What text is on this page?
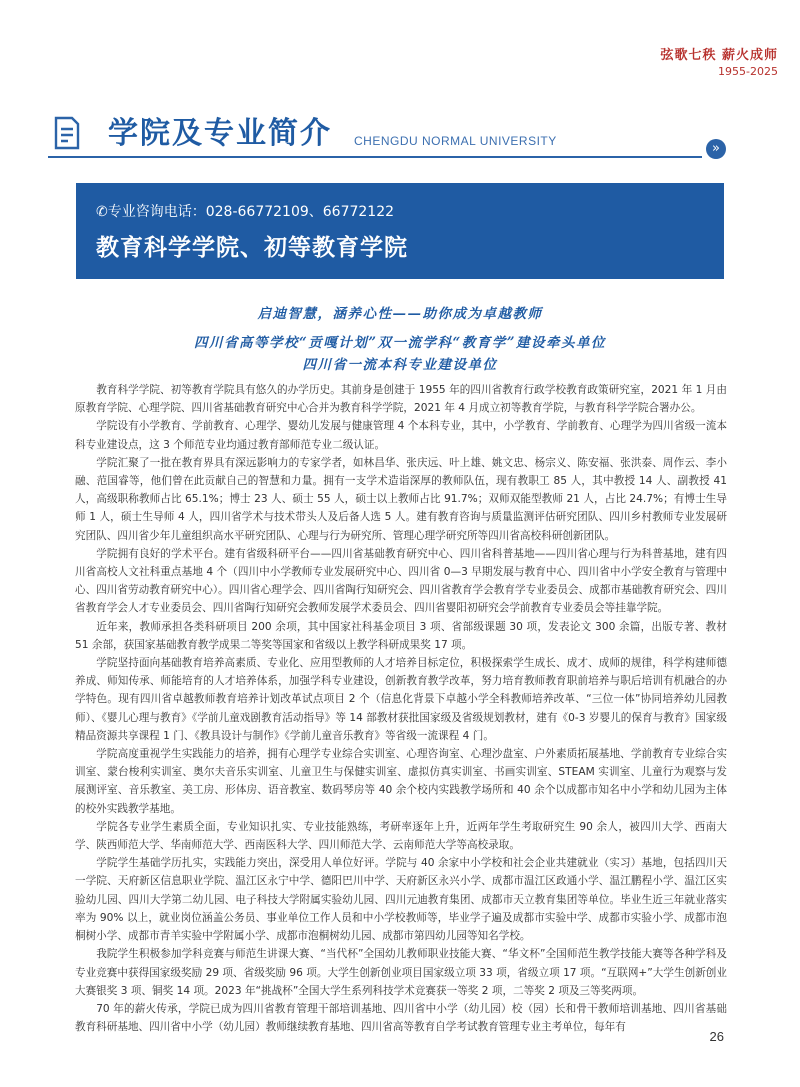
弦歌七秩 薪火成师
1955-2025
学院及专业简介 CHENGDU NORMAL UNIVERSITY	»
✆专业咨询电话：028-66772109、66772122
教育科学学院、初等教育学院
启迪智慧，涵养心性——助你成为卓越教师
四川省高等学校“贡嘎计划”双一流学科“教育学”建设牵头单位
四川省一流本科专业建设单位

教育科学学院、初等教育学院具有悠久的办学历史。其前身是创建于 1955 年的四川省教育行政学校教育政策研究室，2021 年 1 月由原教育学院、心理学院、四川省基础教育研究中心合并为教育科学学院，2021 年 4 月成立初等教育学院，与教育科学学院合署办公。

学院设有小学教育、学前教育、心理学、婴幼儿发展与健康管理 4 个本科专业，其中，小学教育、学前教育、心理学为四川省级一流本科专业建设点，这 3 个师范专业均通过教育部师范专业二级认证。

学院汇聚了一批在教育界具有深远影响力的专家学者，如林昌华、张庆远、叶上雄、姚文忠、杨宗义、陈安福、张洪泰、周作云、李小融、范国睿等，他们曾在此贡献自己的智慧和力量。拥有一支学术造诣深厚的教师队伍，现有教职工 85 人，其中教授 14 人、副教授 41 人，高级职称教师占比 65.1%；博士 23 人、硕士 55 人，硕士以上教师占比 91.7%；双师双能型教师 21 人，占比 24.7%；有博士生导师 1 人，硕士生导师 4 人，四川省学术与技术带头人及后备人选 5 人。建有教育咨询与质量监测评估研究团队、四川乡村教师专业发展研究团队、四川省少年儿童组织高水平研究团队、心理与行为研究所、管理心理学研究所等四川省高校科研创新团队。

学院拥有良好的学术平台。建有省级科研平台——四川省基础教育研究中心、四川省科普基地——四川省心理与行为科普基地，建有四川省高校人文社科重点基地 4 个（四川中小学教师专业发展研究中心、四川省 0—3 早期发展与教育中心、四川省中小学安全教育与管理中心、四川省劳动教育研究中心）。四川省心理学会、四川省陶行知研究会、四川省教育学会教育学专业委员会、成都市基础教育研究会、四川省教育学会人才专业委员会、四川省陶行知研究会教师发展学术委员会、四川省婴阳初研究会学前教育专业委员会等挂靠学院。

近年来，教师承担各类科研项目 200 余项，其中国家社科基金项目 3 项、省部级课题 30 项，发表论文 300 余篇，出版专著、教材 51 余部，获国家基础教育教学成果二等奖等国家和省级以上教学科研成果奖 17 项。

学院坚持面向基础教育培养高素质、专业化、应用型教师的人才培养目标定位，积极探索学生成长、成才、成师的规律，科学构建师德养成、师知传承、师能培育的人才培养体系，加强学科专业建设，创新教育教学改革，努力培育教师教育职前培养与职后培训有机融合的办学特色。现有四川省卓越教师教育培养计划改革试点项目 2 个（信息化背景下卓越小学全科教师培养改革、“三位一体”协同培养幼儿园教师）、《婴儿心理与教育》《学前儿童戏剧教育活动指导》等 14 部教材获批国家级及省级规划教材，建有《0-3 岁婴儿的保育与教育》国家级精品资源共享课程 1 门、《教具设计与制作》《学前儿童音乐教育》等省级一流课程 4 门。

学院高度重视学生实践能力的培养，拥有心理学专业综合实训室、心理咨询室、心理沙盘室、户外素质拓展基地、学前教育专业综合实训室、蒙台梭利实训室、奥尔夫音乐实训室、儿童卫生与保健实训室、虚拟仿真实训室、书画实训室、STEAM 实训室、儿童行为观察与发展测评室、音乐教室、美工房、形体房、语音教室、数码琴房等 40 余个校内实践教学场所和 40 余个以成都市知名中小学和幼儿园为主体的校外实践教学基地。

学院各专业学生素质全面，专业知识扎实、专业技能熟练，考研率逐年上升，近两年学生考取研究生 90 余人，被四川大学、西南大学、陕西师范大学、华南师范大学、西南医科大学、四川师范大学、云南师范大学等高校录取。

学院学生基础学历扎实，实践能力突出，深受用人单位好评。学院与 40 余家中小学校和社会企业共建就业（实习）基地，包括四川天一学院、天府新区信息职业学院、温江区永宁中学、德阳巴川中学、天府新区永兴小学、成都市温江区政通小学、温江鹏程小学、温江区实验幼儿园、四川大学第二幼儿园、电子科技大学附属实验幼儿园、四川元迪教育集团、成都市天立教育集团等单位。毕业生近三年就业落实率为 90% 以上，就业岗位涵盖公务员、事业单位工作人员和中小学校教师等，毕业学子遍及成都市实验中学、成都市实验小学、成都市泡桐树小学、成都市青羊实验中学附属小学、成都市泡桐树幼儿园、成都市第四幼儿园等知名学校。

我院学生积极参加学科竞赛与师范生讲课大赛、“当代杯”全国幼儿教师职业技能大赛、“华文杯”全国师范生教学技能大赛等各种学科及专业竞赛中获得国家级奖励 29 项、省级奖励 96 项。大学生创新创业项目国家级立项 33 项，省级立项 17 项。“互联网+”大学生创新创业大赛银奖 3 项、铜奖 14 项。2023 年“挑战杯”全国大学生系列科技学术竞赛获一等奖 2 项，二等奖 2 项及三等奖两项。

70 年的薪火传承，学院已成为四川省教育管理干部培训基地、四川省中小学（幼儿园）校（园）长和骨干教师培训基地、四川省基础教育科研基地、四川省中小学（幼儿园）教师继续教育基地、四川省高等教育自学考试教育管理专业主考单位，每年有

26
